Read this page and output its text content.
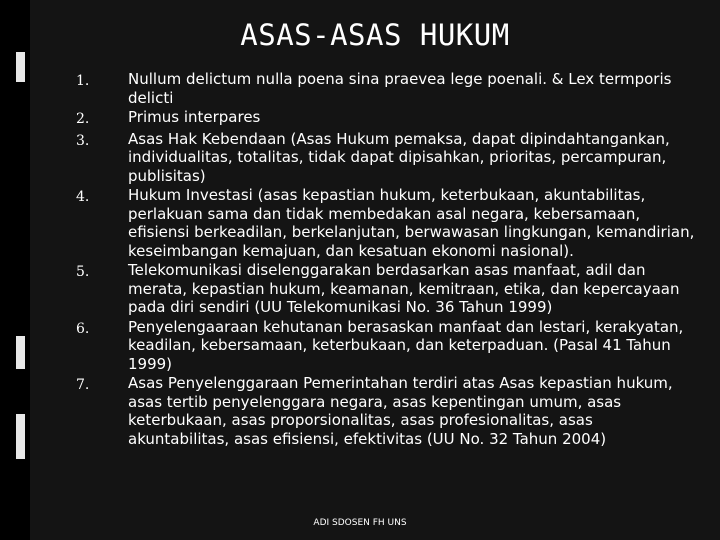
ASAS-ASAS HUKUM
1.	Nullum delictum nulla poena sina praevea lege poenali. & Lex termporis delicti
2.	Primus interpares
3.	Asas Hak Kebendaan (Asas Hukum pemaksa, dapat dipindahtangankan, individualitas, totalitas, tidak dapat dipisahkan, prioritas, percampuran, publisitas)
4.	Hukum Investasi (asas kepastian hukum, keterbukaan, akuntabilitas, perlakuan sama dan tidak membedakan asal negara, kebersamaan, efisiensi berkeadilan, berkelanjutan, berwawasan lingkungan, kemandirian, keseimbangan kemajuan, dan kesatuan ekonomi nasional).
5.	Telekomunikasi diselenggarakan berdasarkan asas manfaat, adil dan merata, kepastian hukum, keamanan, kemitraan, etika, dan kepercayaan pada diri sendiri (UU Telekomunikasi No. 36 Tahun 1999)
6.	Penyelengaaraan kehutanan berasaskan manfaat dan lestari, kerakyatan, keadilan, kebersamaan, keterbukaan, dan keterpaduan. (Pasal 41 Tahun 1999)
7.	Asas Penyelenggaraan Pemerintahan terdiri atas Asas kepastian hukum, asas tertib penyelenggara negara, asas kepentingan umum, asas keterbukaan, asas proporsionalitas, asas profesionalitas, asas akuntabilitas, asas efisiensi, efektivitas (UU No. 32 Tahun 2004)
ADI SDOSEN FH UNS
